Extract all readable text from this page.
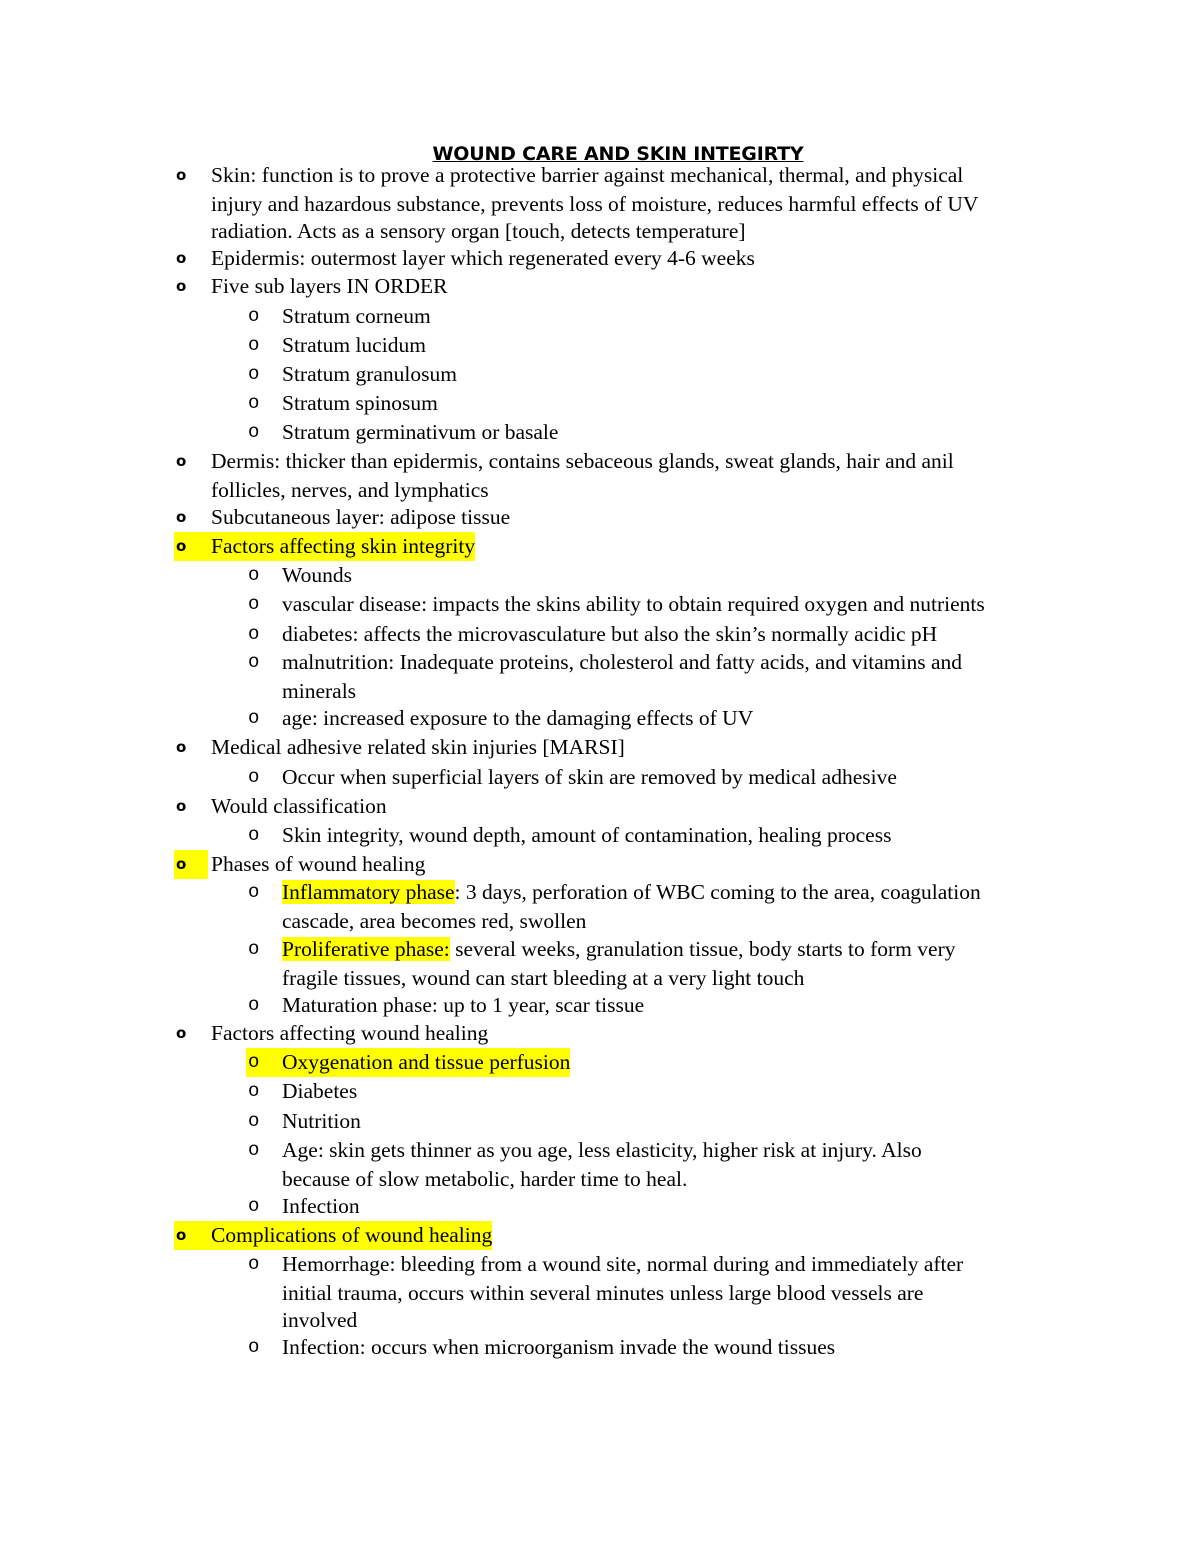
WOUND CARE AND SKIN INTEGIRTY
o Skin: function is to prove a protective barrier against mechanical, thermal, and physical
injury and hazardous substance, prevents loss of moisture, reduces harmful effects of UV
radiation. Acts as a sensory organ [touch, detects temperature]
o Epidermis: outermost layer which regenerated every 4-6 weeks
o Five sub layers IN ORDER
o Stratum corneum
o Stratum lucidum
o Stratum granulosum
o Stratum spinosum
o Stratum germinativum or basale
o Dermis: thicker than epidermis, contains sebaceous glands, sweat glands, hair and anil
follicles, nerves, and lymphatics
o Subcutaneous layer: adipose tissue
o Factors affecting skin integrity
o Wounds
o vascular disease: impacts the skins ability to obtain required oxygen and nutrients
o diabetes: affects the microvasculature but also the skin’s normally acidic pH
o malnutrition: Inadequate proteins, cholesterol and fatty acids, and vitamins and
minerals
o age: increased exposure to the damaging effects of UV
o Medical adhesive related skin injuries [MARSI]
o Occur when superficial layers of skin are removed by medical adhesive
o Would classification
o Skin integrity, wound depth, amount of contamination, healing process
o Phases of wound healing
o Inflammatory phase: 3 days, perforation of WBC coming to the area, coagulation
cascade, area becomes red, swollen
o Proliferative phase: several weeks, granulation tissue, body starts to form very
fragile tissues, wound can start bleeding at a very light touch
o Maturation phase: up to 1 year, scar tissue
o Factors affecting wound healing
o Oxygenation and tissue perfusion
o Diabetes
o Nutrition
o Age: skin gets thinner as you age, less elasticity, higher risk at injury. Also
because of slow metabolic, harder time to heal.
o Infection
o Complications of wound healing
o Hemorrhage: bleeding from a wound site, normal during and immediately after
initial trauma, occurs within several minutes unless large blood vessels are
involved
o Infection: occurs when microorganism invade the wound tissues
